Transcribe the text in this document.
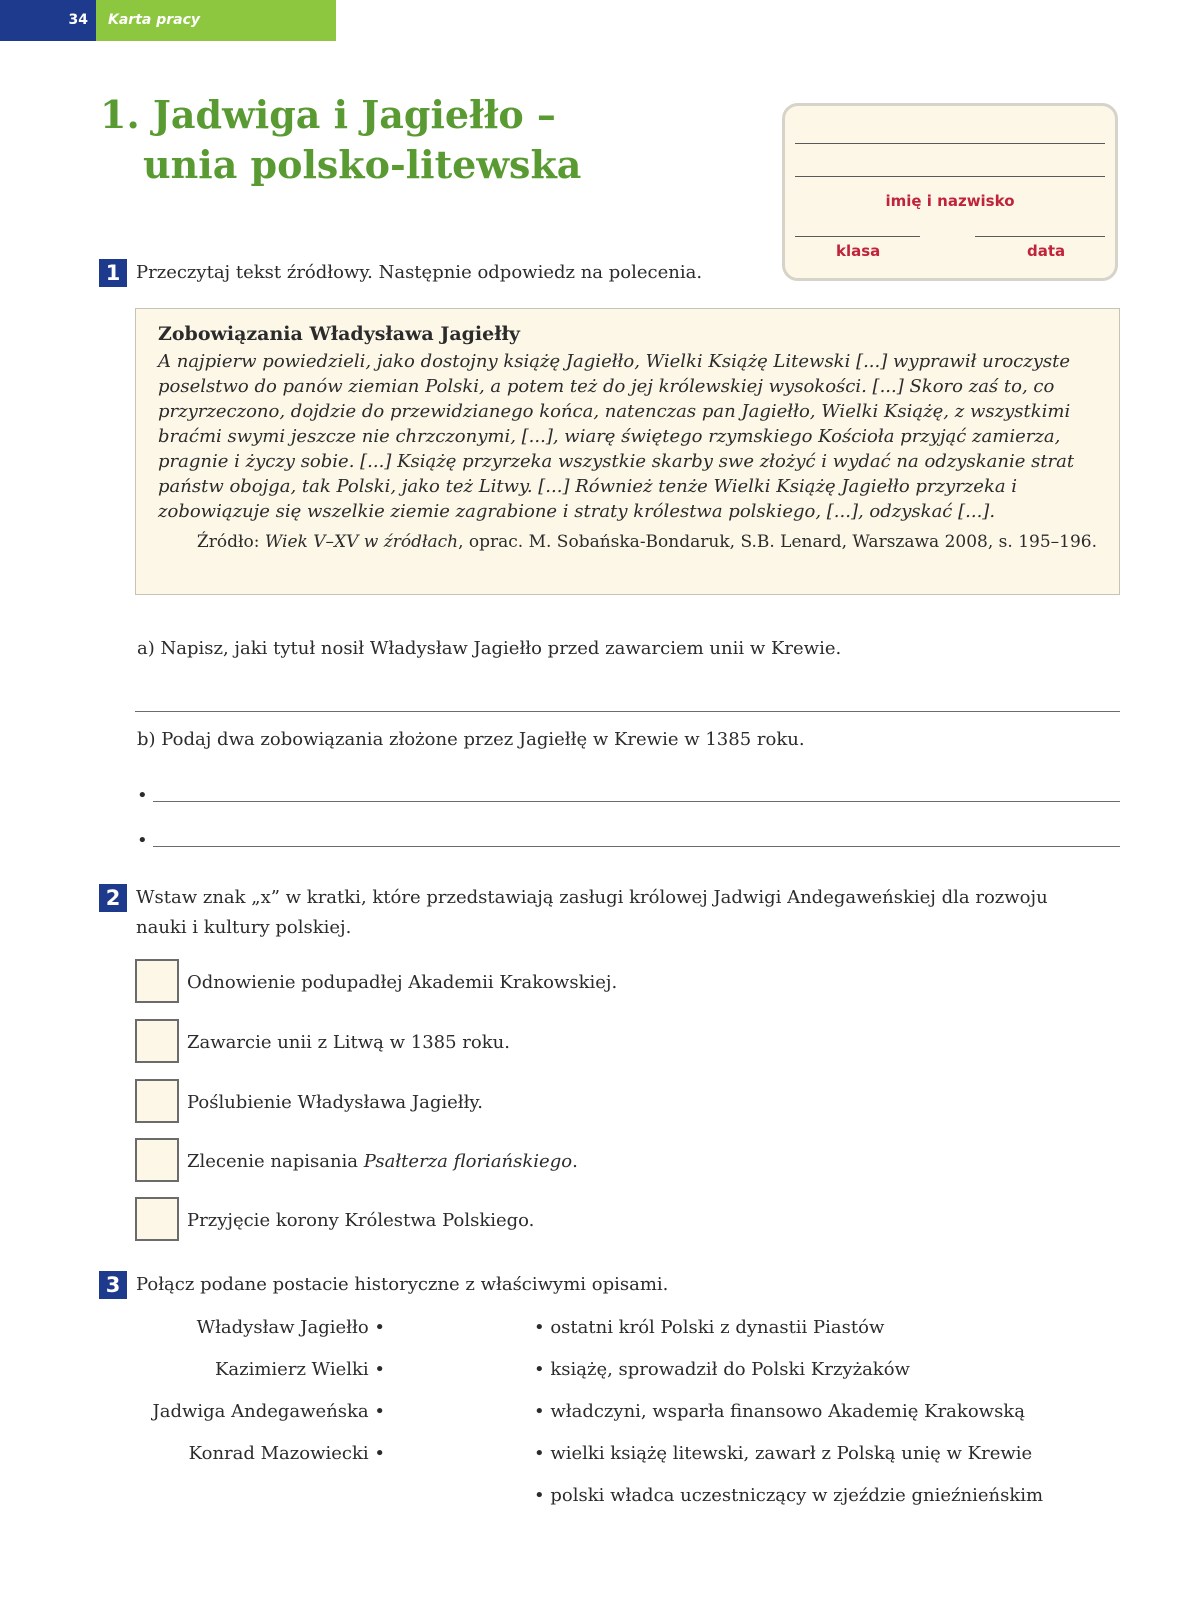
34	Karta pracy
1. Jadwiga i Jagiełło –
unia polsko-litewska
imię i nazwisko
klasa	data
1 Przeczytaj tekst źródłowy. Następnie odpowiedz na polecenia.
Zobowiązania Władysława Jagiełły
A najpierw powiedzieli, jako dostojny książę Jagiełło, Wielki Książę Litewski [...] wyprawił uroczyste poselstwo do panów ziemian Polski, a potem też do jej królewskiej wysokości. [...] Skoro zaś to, co przyrzeczono, dojdzie do przewidzianego końca, natenczas pan Jagiełło, Wielki Książę, z wszystkimi braćmi swymi jeszcze nie chrzczonymi, [...], wiarę świętego rzymskiego Kościoła przyjąć zamierza, pragnie i życzy sobie. [...] Książę przyrzeka wszystkie skarby swe złożyć i wydać na odzyskanie strat państw obojga, tak Polski, jako też Litwy. [...] Również tenże Wielki Książę Jagiełło przyrzeka i zobowiązuje się wszelkie ziemie zagrabione i straty królestwa polskiego, [...], odzyskać [...].
Źródło: Wiek V–XV w źródłach, oprac. M. Sobańska-Bondaruk, S.B. Lenard, Warszawa 2008, s. 195–196.
a) Napisz, jaki tytuł nosił Władysław Jagiełło przed zawarciem unii w Krewie.
b) Podaj dwa zobowiązania złożone przez Jagiełłę w Krewie w 1385 roku.
•
•
2 Wstaw znak „x” w kratki, które przedstawiają zasługi królowej Jadwigi Andegaweńskiej dla rozwoju
nauki i kultury polskiej.
Odnowienie podupadłej Akademii Krakowskiej.
Zawarcie unii z Litwą w 1385 roku.
Poślubienie Władysława Jagiełły.
Zlecenie napisania Psałterza floriańskiego.
Przyjęcie korony Królestwa Polskiego.
3 Połącz podane postacie historyczne z właściwymi opisami.
Władysław Jagiełło •
Kazimierz Wielki •
Jadwiga Andegaweńska •
Konrad Mazowiecki •
• ostatni król Polski z dynastii Piastów
• książę, sprowadził do Polski Krzyżaków
• władczyni, wsparła finansowo Akademię Krakowską
• wielki książę litewski, zawarł z Polską unię w Krewie
• polski władca uczestniczący w zjeździe gnieźnieńskim
